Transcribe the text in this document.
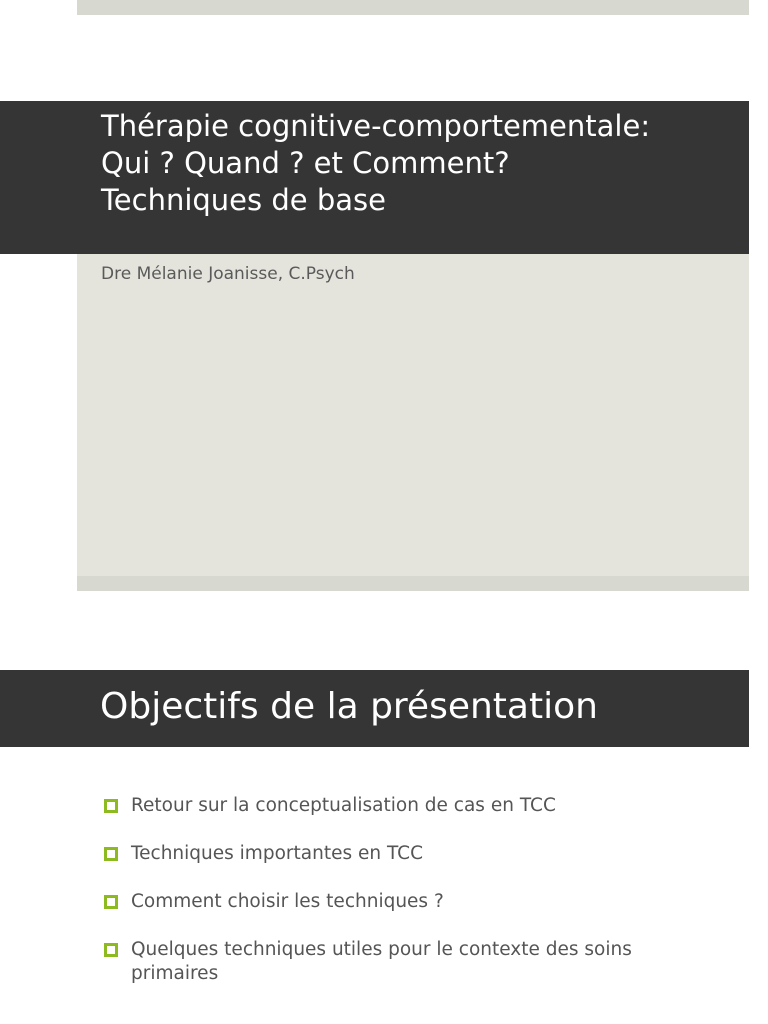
Thérapie cognitive-comportementale:
Qui ? Quand ? et Comment?
Techniques de base
Dre Mélanie Joanisse, C.Psych
Objectifs de la présentation
Retour sur la conceptualisation de cas en TCC
Techniques importantes en TCC
Comment choisir les techniques ?
Quelques techniques utiles pour le contexte des soins primaires
